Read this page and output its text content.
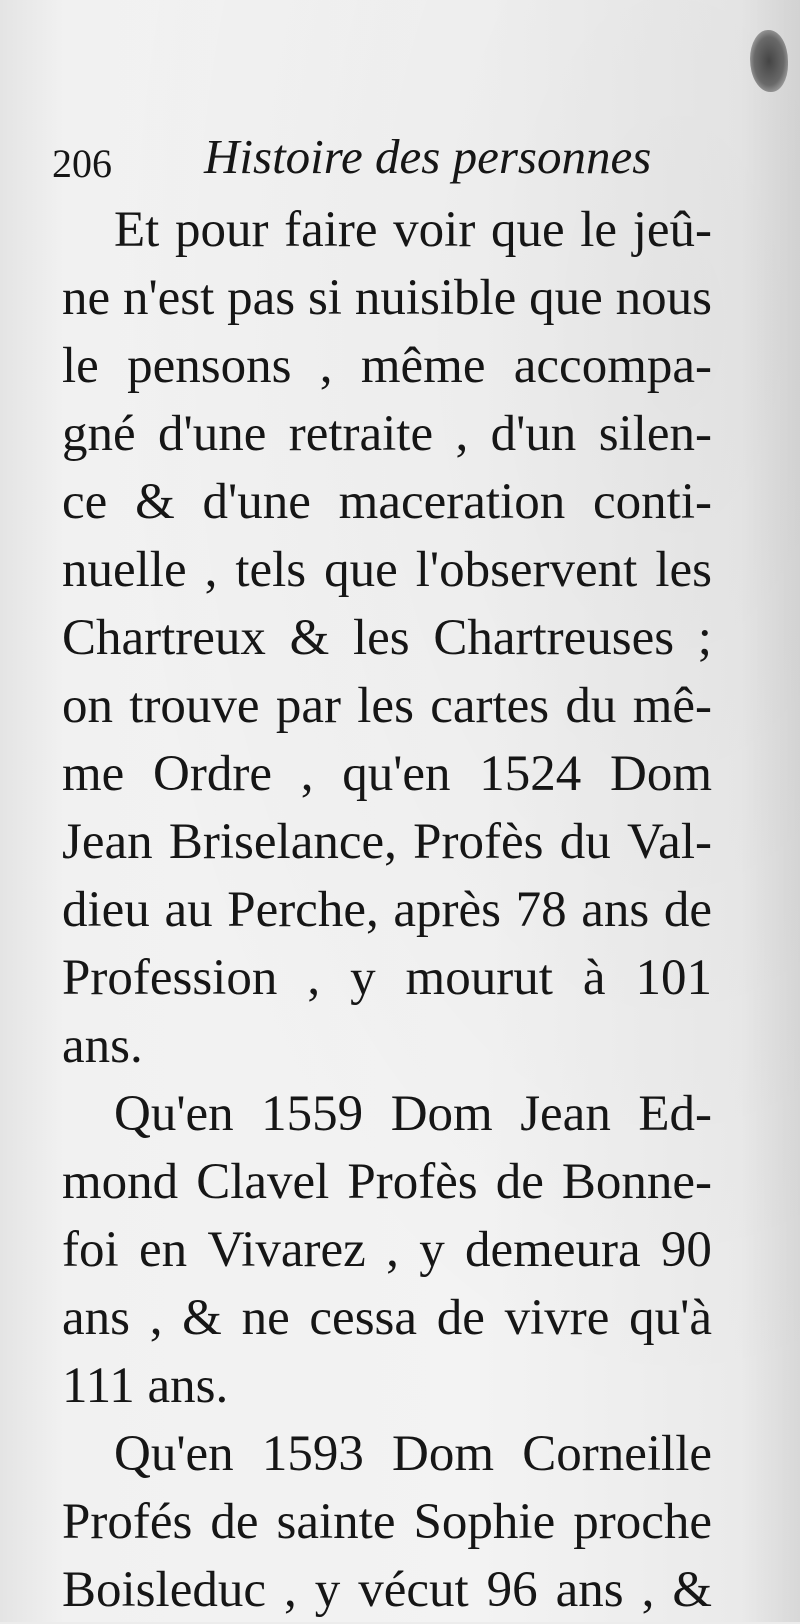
206 Histoire des personnes
Et pour faire voir que le jeû-
ne n'est pas si nuisible que nous
le pensons , même accompa-
gné d'une retraite , d'un silen-
ce & d'une maceration conti-
nuelle , tels que l'observent les
Chartreux & les Chartreuses ;
on trouve par les cartes du mê-
me Ordre , qu'en 1524 Dom
Jean Briselance, Profès du Val-
dieu au Perche, après 78 ans de
Profession , y mourut à 101
ans.
Qu'en 1559 Dom Jean Ed-
mond Clavel Profès de Bonne-
foi en Vivarez , y demeura 90
ans , & ne cessa de vivre qu'à
111 ans.
Qu'en 1593 Dom Corneille
Profés de sainte Sophie proche
Boisleduc , y vécut 96 ans , &
